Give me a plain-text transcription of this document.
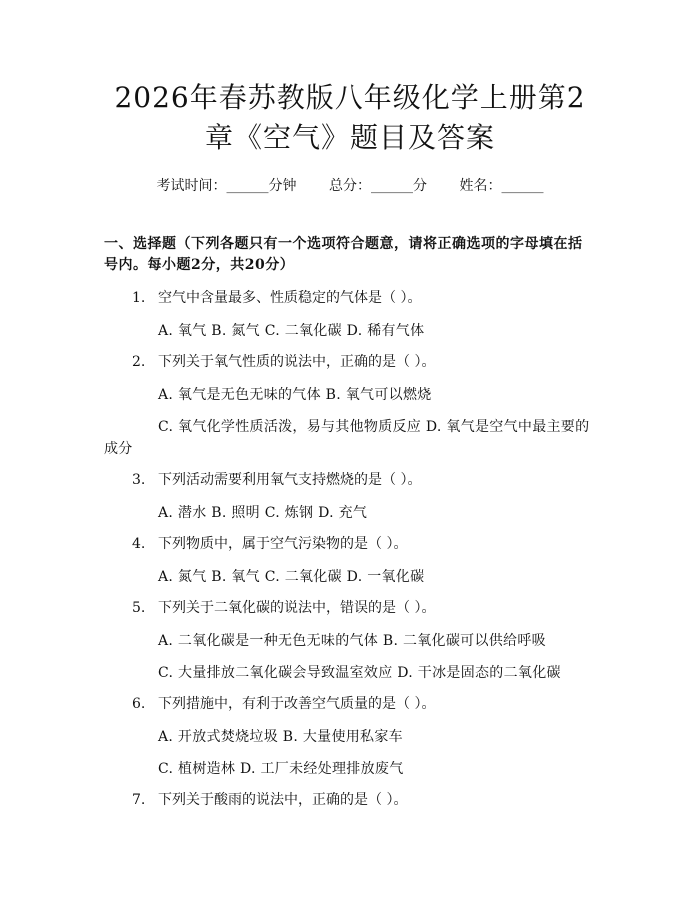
2026年春苏教版八年级化学上册第2章《空气》题目及答案
考试时间：______分钟 总分：______分 姓名：______
一、选择题（下列各题只有一个选项符合题意，请将正确选项的字母填在括号内。每小题2分，共20分）
1. 空气中含量最多、性质稳定的气体是（ ）。
A. 氧气 B. 氮气 C. 二氧化碳 D. 稀有气体
2. 下列关于氧气性质的说法中，正确的是（ ）。
A. 氧气是无色无味的气体 B. 氧气可以燃烧
C. 氧气化学性质活泼，易与其他物质反应 D. 氧气是空气中最主要的成分
3. 下列活动需要利用氧气支持燃烧的是（ ）。
A. 潜水 B. 照明 C. 炼钢 D. 充气
4. 下列物质中，属于空气污染物的是（ ）。
A. 氮气 B. 氧气 C. 二氧化碳 D. 一氧化碳
5. 下列关于二氧化碳的说法中，错误的是（ ）。
A. 二氧化碳是一种无色无味的气体 B. 二氧化碳可以供给呼吸
C. 大量排放二氧化碳会导致温室效应 D. 干冰是固态的二氧化碳
6. 下列措施中，有利于改善空气质量的是（ ）。
A. 开放式焚烧垃圾 B. 大量使用私家车
C. 植树造林 D. 工厂未经处理排放废气
7. 下列关于酸雨的说法中，正确的是（ ）。
